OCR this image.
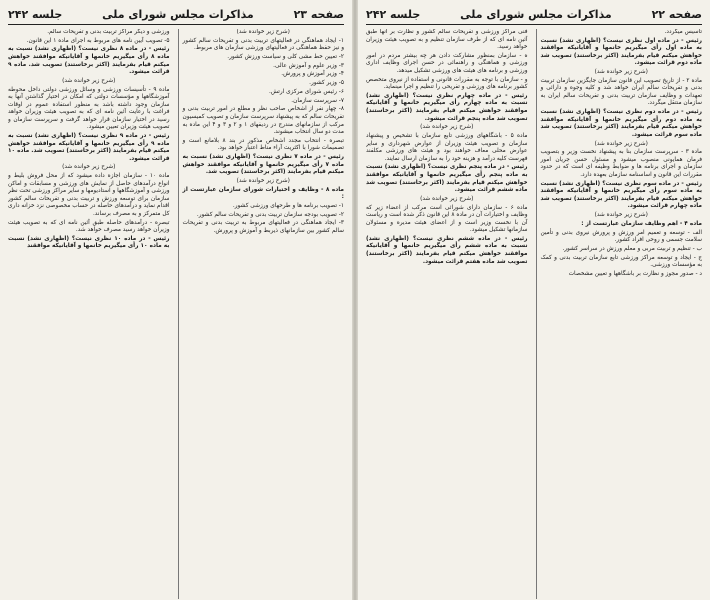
صفحه ۲۳
مذاکرات مجلس شورای ملی
جلسه ۲۴۲

(شرح زیر خوانده شد)

۱- ایجاد هماهنگی در فعالیتهای تربیت بدنی و تفریحات سالم کشور و نیز حفظ هماهنگی در فعالیتهای ورزشی سازمان های مربوط.

۲- تعیین خط مشی کلی و سیاست ورزش کشور.

۳- وزیر علوم و آموزش عالی.

۴- وزیر آموزش و پرورش.

۵- وزیر کشور.

۶- رئیس شورای مرکزی ارتش.

۷- سرپرست سازمان.

۸- چهار نفر از اشخاص صاحب نظر و مطلع در امور تربیت بدنی و تفریحات سالم که به پیشنهاد سرپرست سازمان و تصویب کمیسیون مرکب از سازمانهای مندرج در ردیفهای ۱ و ۲ و ۳ و ۴ این ماده به مدت دو سال انتخاب میشوند.

تبصره - انتخاب مجدد اشخاص مذکور در بند ۸ بلامانع است و تصمیمات شورا با اکثریت آراء مناط اعتبار خواهد بود.

رئیس - در ماده ۷ نظری نیست؟ (اظهاری نشد) نسبت به ماده ۷ رأی میگیریم خانمها و آقایانیکه موافقند خواهش میکنم قیام بفرمایند (اکثر برخاستند) تصویب شد.

(شرح زیر خوانده شد)

ماده ۸ - وظایف و اختیارات شورای سازمان عبارتست از :

۱- تصویب برنامه ها و طرحهای ورزشی کشور.

۲- تصویب بودجه سازمان تربیت بدنی و تفریحات سالم کشور.

۳- ایجاد هماهنگی در فعالیتهای مربوط به تربیت بدنی و تفریحات سالم کشور بین سازمانهای ذیربط و آموزش و پرورش.

ورزشی و دیگر مراکز تربیت بدنی و تفریحات سالم.

۵- تصویب آیین نامه های مربوط به اجرای ماده ۱ این قانون.

رئیس - در ماده ۸ نظری نیست؟ (اظهاری نشد) نسبت به ماده ۸ رأی میگیریم خانمها و آقایانیکه موافقند خواهش میکنم قیام بفرمایند (اکثر برخاستند) تصویب شد. ماده ۹ قرائت میشود.

(شرح زیر خوانده شد)

ماده ۹ - تأسیسات ورزشی و وسائل ورزشی دولتی داخل محوطه آموزشگاهها و مؤسسات دولتی که امکان در اختیار گذاشتن آنها به سازمان وجود داشته باشد به منظور استفاده عموم در اوقات فراغت با رعایت آئین نامه ای که به تصویب هیئت وزیران خواهد رسید در اختیار سازمان قرار خواهد گرفت و سرپرست سازمان و تصویب هیئت وزیران تعیین میشود.

رئیس - در ماده ۹ نظری نیست؟ (اظهاری نشد) نسبت به ماده ۹ رأی میگیریم خانمها و آقایانیکه موافقند خواهش میکنم قیام بفرمایند (اکثر برخاستند) تصویب شد. ماده ۱۰ قرائت میشود.

(شرح زیر خوانده شد)

ماده ۱۰ - سازمان اجازه داده میشود که از محل فروش بلیط و انواع درآمدهای حاصل از نمایش های ورزشی و مسابقات و اماکن ورزشی و آموزشگاهها و استادیومها و سایر مراکز ورزشی تحت نظر سازمان برای توسعه ورزش و تربیت بدنی و تفریحات سالم کشور اقدام نماید و درآمدهای حاصله در حساب مخصوصی نزد خزانه داری کل متمرکز و به مصرف برساند.

تبصره - درآمدهای حاصله طبق آئین نامه ای که به تصویب هیئت وزیران خواهد رسید مصرف خواهد شد.

رئیس - در ماده ۱۰ نظری نیست؟ (اظهاری نشد) نسبت به ماده ۱۰ رأی میگیریم خانمها و آقایانیکه موافقند

صفحه ۲۲
مذاکرات مجلس شورای ملی
جلسه ۲۴۲

تأسیس میگردد.

رئیس - در ماده اول نظری نیست؟ (اظهاری نشد) نسبت به ماده اول رأی میگیریم خانمها و آقایانیکه موافقند خواهش میکنم قیام بفرمایند (اکثر برخاستند) تصویب شد ماده دوم قرائت میشود.

(شرح زیر خوانده شد)

ماده ۲ - از تاریخ تصویب این قانون سازمان جایگزین سازمان تربیت بدنی و تفریحات سالم ایران خواهد شد و کلیه وجوه و دارائی و تعهدات و وظایف سازمان تربیت بدنی و تفریحات سالم ایران به سازمان منتقل میگردد.

رئیس - در ماده دوم نظری نیست؟ (اظهاری نشد) نسبت به ماده دوم رأی میگیریم خانمها و آقایانیکه موافقند خواهش میکنم قیام بفرمایند (اکثر برخاستند) تصویب شد ماده سوم قرائت میشود.

(شرح زیر خوانده شد)

ماده ۳ - سرپرست سازمان بنا به پیشنهاد نخست وزیر و بتصویب فرمان همایونی منصوب میشود و مسئول حسن جریان امور سازمان و اجرای برنامه ها و ضوابط وظیفه ای است که در حدود مقررات این قانون و اساسنامه سازمان بعهده دارد.

رئیس - در ماده سوم نظری نیست؟ (اظهاری نشد) نسبت به ماده سوم رأی میگیریم خانمها و آقایانیکه موافقند خواهش میکنم قیام بفرمایند (اکثر برخاستند) تصویب شد ماده چهارم قرائت میشود.

(شرح زیر خوانده شد)

ماده ۴ - اهم وظایف سازمان عبارتست از :

الف - توسعه و تعمیم امر ورزش و پرورش نیروی بدنی و تأمین سلامت جسمی و روحی افراد کشور.

ب - تنظیم و تربیت مربی و معلم ورزش در سراسر کشور.

ج - ایجاد و توسعه مراکز ورزشی تابع سازمان تربیت بدنی و کمک به مؤسسات ورزشی.

د - صدور مجوز و نظارت بر باشگاهها و تعیین مشخصات

فنی مراکز ورزشی و تفریحات سالم کشور و نظارت بر آنها طبق آئین نامه ای که از طرف سازمان تنظیم و به تصویب هیئت وزیران خواهد رسید.

ه - سازمان بمنظور مشارکت دادن هر چه بیشتر مردم در امور ورزشی و هماهنگی و راهنمائی در حسن اجرای وظایف اداری ورزشی و برنامه های هیئت های ورزشی تشکیل میدهد.

و - سازمان با توجه به مقررات قانونی و استفاده از نیروی متخصص کشور برنامه های ورزشی و تفریحی را تنظیم و اجرا مینماید.

رئیس - در ماده چهارم نظری نیست؟ (اظهاری نشد) نسبت به ماده چهارم رأی میگیریم خانمها و آقایانیکه موافقند خواهش میکنم قیام بفرمایند (اکثر برخاستند) تصویب شد ماده پنجم قرائت میشود.

(شرح زیر خوانده شد)

ماده ۵ - باشگاههای ورزشی تابع سازمان با تشخیص و پیشنهاد سازمان و تصویب هیئت وزیران از عوارض شهرداری و سایر عوارض محلی معاف خواهند بود و هیئت های ورزشی مکلفند فهرست کلیه درآمد و هزینه خود را به سازمان ارسال نمایند.

رئیس - در ماده پنجم نظری نیست؟ (اظهاری نشد) نسبت به ماده پنجم رأی میگیریم خانمها و آقایانیکه موافقند خواهش میکنم قیام بفرمایند (اکثر برخاستند) تصویب شد ماده ششم قرائت میشود.

(شرح زیر خوانده شد)

ماده ۶ - سازمان دارای شورائی است مرکب از اعضاء زیر که وظایف و اختیارات آن در ماده ۸ این قانون ذکر شده است و ریاست آن با نخست وزیر است و از اعضای هیئت مدیره و مسئولان سازمانها تشکیل میشود.

رئیس - در ماده ششم نظری نیست؟ (اظهاری نشد) نسبت به ماده ششم رأی میگیریم خانمها و آقایانیکه موافقند خواهش میکنم قیام بفرمایند (اکثر برخاستند) تصویب شد ماده هفتم قرائت میشود.
